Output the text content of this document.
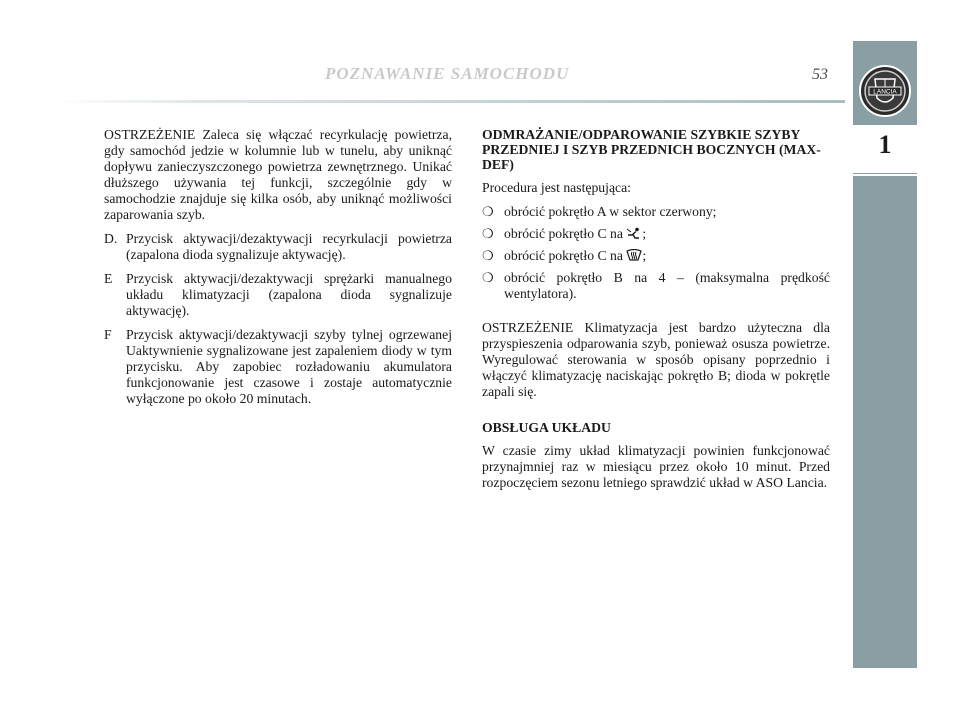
POZNAWANIE SAMOCHODU	53
LANCIA
1

OSTRZEŻENIE Zaleca się włączać recyrkulację powietrza, gdy samochód jedzie w kolumnie lub w tunelu, aby uniknąć dopływu zanieczyszczonego powietrza zewnętrznego. Unikać dłuższego używania tej funkcji, szczególnie gdy w samochodzie znajduje się kilka osób, aby uniknąć możliwości zaparowania szyb.

D. Przycisk aktywacji/dezaktywacji recyrkulacji powietrza (zapalona dioda sygnalizuje aktywację).
E Przycisk aktywacji/dezaktywacji sprężarki manualnego układu klimatyzacji (zapalona dioda sygnalizuje aktywację).
F	Przycisk aktywacji/dezaktywacji szyby tylnej ogrzewanej Uaktywnienie sygnalizowane jest zapaleniem diody w tym przycisku. Aby zapobiec rozładowaniu akumulatora funkcjonowanie jest czasowe i zostaje automatycznie wyłączone po około 20 minutach.
ODMRAŻANIE/ODPAROWANIE SZYBKIE SZYBY PRZEDNIEJ I SZYB PRZEDNICH BOCZNYCH (MAX-DEF)

Procedura jest następująca:

❍ obrócić pokrętło A w sektor czerwony;
❍ obrócić pokrętło C na ;
❍ obrócić pokrętło C na ;
❍ obrócić pokrętło B na 4 – (maksymalna prędkość wentylatora).

OSTRZEŻENIE Klimatyzacja jest bardzo użyteczna dla przyspieszenia odparowania szyb, ponieważ osusza powietrze. Wyregulować sterowania w sposób opisany poprzednio i włączyć klimatyzację naciskając pokrętło B; dioda w pokrętle zapali się.

OBSŁUGA UKŁADU

W czasie zimy układ klimatyzacji powinien funkcjonować przynajmniej raz w miesiącu przez około 10 minut. Przed rozpoczęciem sezonu letniego sprawdzić układ w ASO Lancia.
